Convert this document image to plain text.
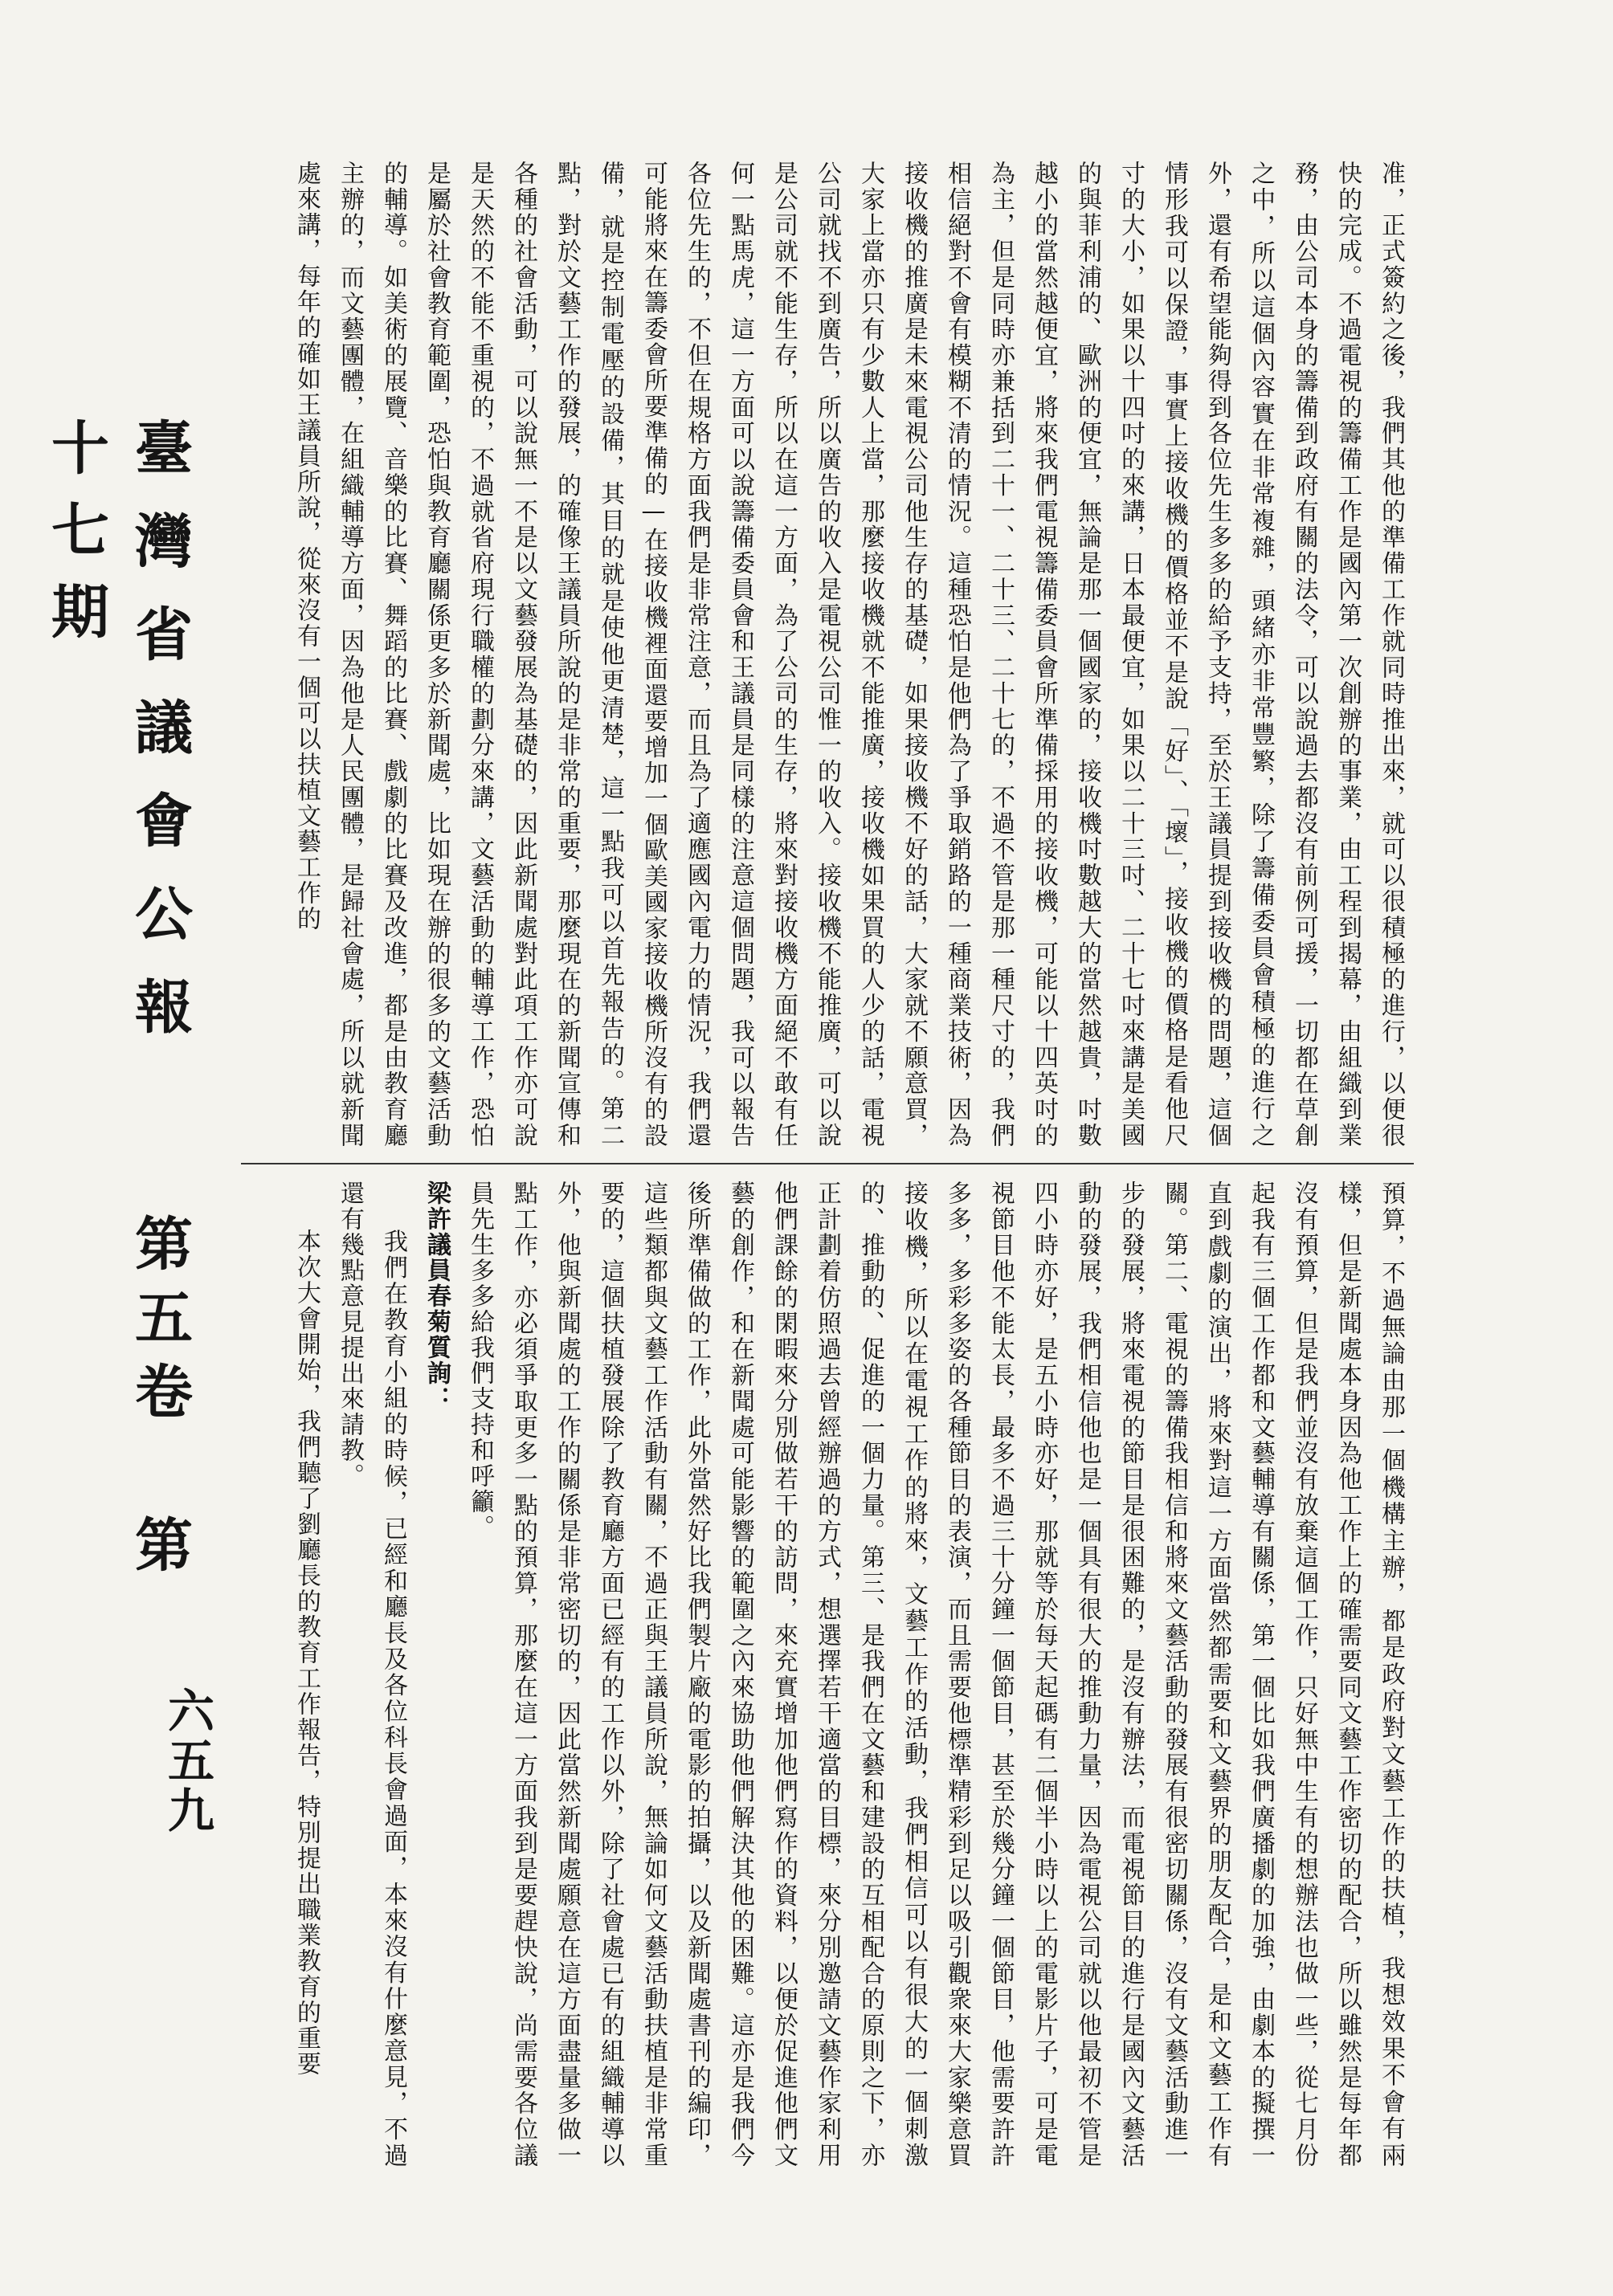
臺灣省議會公報 第五卷 第十七期
六五九

准，正式簽約之後，我們其他的準備工作就同時推出來，就可以很積極的進行，以便很快的完成。不過電視的籌備工作是國內第一次創辦的事業，由工程到揭幕，由組織到業務，由公司本身的籌備到政府有關的法令，可以說過去都沒有前例可援，一切都在草創之中，所以這個內容實在非常複雜，頭緒亦非常豐繁，除了籌備委員會積極的進行之外，還有希望能夠得到各位先生多多的給予支持，至於王議員提到接收機的問題，這個情形我可以保證，事實上接收機的價格並不是說「好」、「壞」，接收機的價格是看他尺寸的大小，如果以十四吋的來講，日本最便宜，如果以二十三吋、二十七吋來講是美國的與菲利浦的、歐洲的便宜，無論是那一個國家的，接收機吋數越大的當然越貴，吋數越小的當然越便宜，將來我們電視籌備委員會所準備採用的接收機，可能以十四英吋的為主，但是同時亦兼括到二十一、二十三、二十七的，不過不管是那一種尺寸的，我們相信絕對不會有模糊不清的情況。這種恐怕是他們為了爭取銷路的一種商業技術，因為接收機的推廣是未來電視公司他生存的基礎，如果接收機不好的話，大家就不願意買，大家上當亦只有少數人上當，那麼接收機就不能推廣，接收機如果買的人少的話，電視公司就找不到廣告，所以廣告的收入是電視公司惟一的收入。接收機不能推廣，可以說是公司就不能生存，所以在這一方面，為了公司的生存，將來對接收機方面絕不敢有任何一點馬虎，這一方面可以說籌備委員會和王議員是同樣的注意這個問題，我可以報告各位先生的，不但在規格方面我們是非常注意，而且為了適應國內電力的情況，我們還可能將來在籌委會所要準備的—在接收機裡面還要增加一個歐美國家接收機所沒有的設備，就是控制電壓的設備，其目的就是使他更清楚，這一點我可以首先報告的。第二點，對於文藝工作的發展，的確像王議員所說的是非常的重要，那麼現在的新聞宣傳和各種的社會活動，可以說無一不是以文藝發展為基礎的，因此新聞處對此項工作亦可說是天然的不能不重視的，不過就省府現行職權的劃分來講，文藝活動的輔導工作，恐怕是屬於社會教育範圍，恐怕與教育廳關係更多於新聞處，比如現在辦的很多的文藝活動的輔導。如美術的展覽、音樂的比賽、舞蹈的比賽、戲劇的比賽及改進，都是由教育廳主辦的，而文藝團體，在組織輔導方面，因為他是人民團體，是歸社會處，所以就新聞處來講，每年的確如王議員所說，從來沒有一個可以扶植文藝工作的

預算，不過無論由那一個機構主辦，都是政府對文藝工作的扶植，我想效果不會有兩樣，但是新聞處本身因為他工作上的確需要同文藝工作密切的配合，所以雖然是每年都沒有預算，但是我們並沒有放棄這個工作，只好無中生有的想辦法也做一些，從七月份起我有三個工作都和文藝輔導有關係，第一個比如我們廣播劇的加強，由劇本的擬撰一直到戲劇的演出，將來對這一方面當然都需要和文藝界的朋友配合，是和文藝工作有關。第二、電視的籌備我相信和將來文藝活動的發展有很密切關係，沒有文藝活動進一步的發展，將來電視的節目是很困難的，是沒有辦法，而電視節目的進行是國內文藝活動的發展，我們相信他也是一個具有很大的推動力量，因為電視公司就以他最初不管是四小時亦好，是五小時亦好，那就等於每天起碼有二個半小時以上的電影片子，可是電視節目他不能太長，最多不過三十分鐘一個節目，甚至於幾分鐘一個節目，他需要許許多多，多彩多姿的各種節目的表演，而且需要他標準精彩到足以吸引觀衆來大家樂意買接收機，所以在電視工作的將來，文藝工作的活動，我們相信可以有很大的一個刺激的、推動的、促進的一個力量。第三、是我們在文藝和建設的互相配合的原則之下，亦正計劃着仿照過去曾經辦過的方式，想選擇若干適當的目標，來分別邀請文藝作家利用他們課餘的閑暇來分別做若干的訪問，來充實增加他們寫作的資料，以便於促進他們文藝的創作，和在新聞處可能影響的範圍之內來協助他們解決其他的困難。這亦是我們今後所準備做的工作，此外當然好比我們製片廠的電影的拍攝，以及新聞處書刊的編印，這些類都與文藝工作活動有關，不過正與王議員所說，無論如何文藝活動扶植是非常重要的，這個扶植發展除了教育廳方面已經有的工作以外，除了社會處已有的組織輔導以外，他與新聞處的工作的關係是非常密切的，因此當然新聞處願意在這方面盡量多做一點工作，亦必須爭取更多一點的預算，那麼在這一方面我到是要趕快說，尚需要各位議員先生多多給我們支持和呼籲。

梁許議員春菊質詢：

我們在教育小組的時候，已經和廳長及各位科長會過面，本來沒有什麼意見，不過還有幾點意見提出來請教。

本次大會開始，我們聽了劉廳長的教育工作報告，特別提出職業教育的重要
